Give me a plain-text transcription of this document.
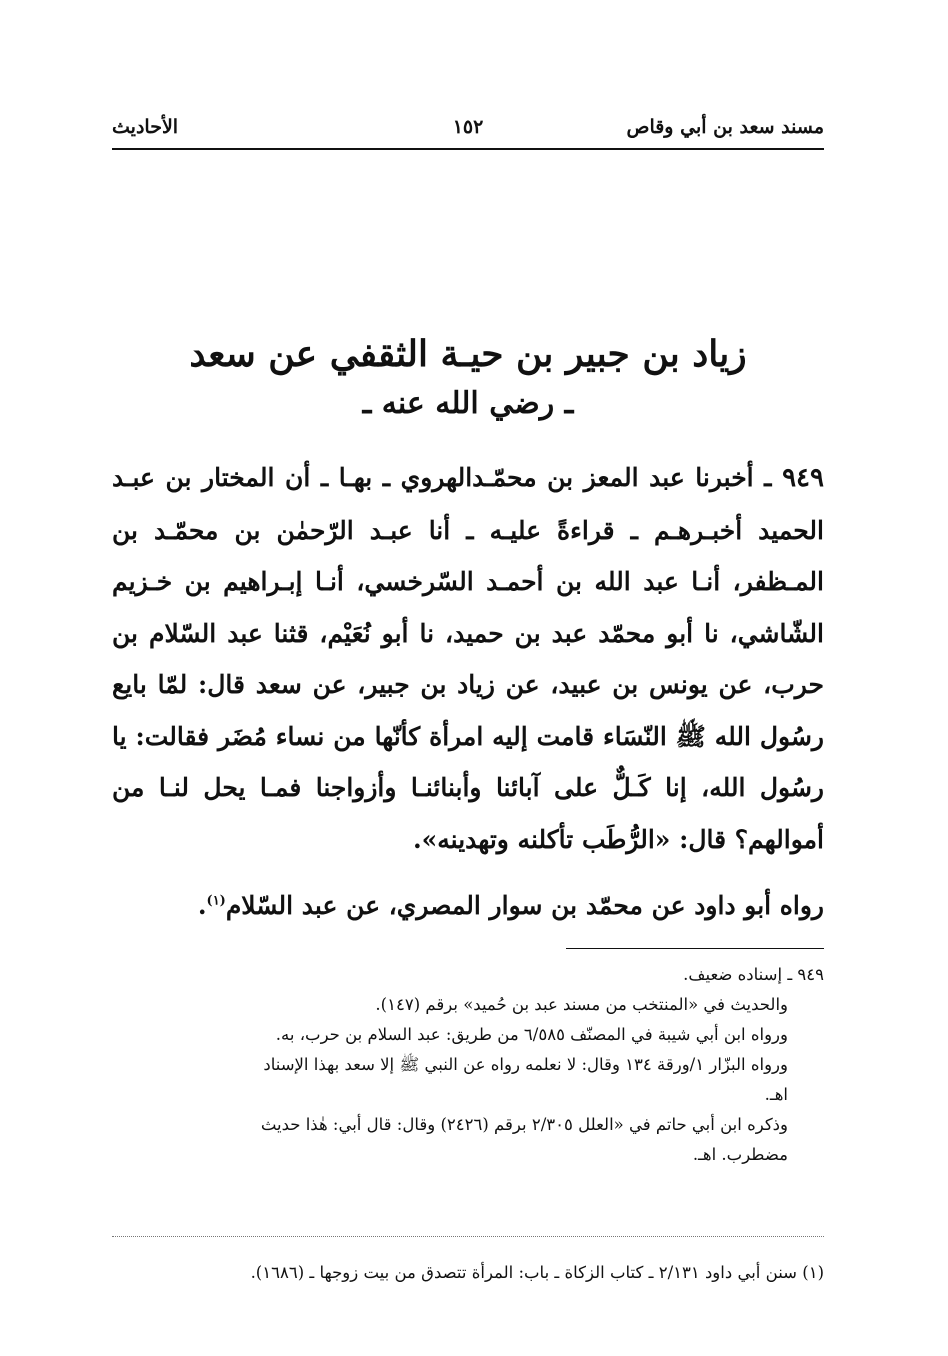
مسند سعد بن أبي وقاص
١٥٢
الأحاديث
زياد بن جبير بن حيـة الثقفي عن سعد
ـ رضي الله عنه ـ
٩٤٩ ـ أخبرنا عبد المعز بن محمّـدالهروي ـ بهـا ـ أن المختار بن عبـد الحميد أخبـرهـم ـ قراءةً عليـه ـ أنا عبـد الرّحمٰن بن محمّـد بن المـظفر، أنـا عبد الله بن أحمـد السّرخسي، أنـا إبـراهيم بن خـزيم الشّاشي، نا أبو محمّد عبد بن حميد، نا أبو نُعَيْم، قثنا عبد السّلام بن حرب، عن يونس بن عبيد، عن زياد بن جبير، عن سعد قال: لمّا بايع رسُول الله ﷺ النّسَاء قامت إليه امرأة كأنّها من نساء مُضَر فقالت: يا رسُول الله، إنا كَـلٌّ على آبائنا وأبنائنـا وأزواجنا فمـا يحل لنـا من أموالهم؟ قال: «الرُّطَب تأكلنه وتهدينه».
رواه أبو داود عن محمّد بن سوار المصري، عن عبد السّلام$^{(١)}$.
٩٤٩ ـ إسناده ضعيف.
والحديث في «المنتخب من مسند عبد بن حُميد» برقم (١٤٧).
ورواه ابن أبي شيبة في المصنّف ٦/٥٨٥ من طريق: عبد السلام بن حرب، به.
ورواه البزّار ١/ورقة ١٣٤ وقال: لا نعلمه رواه عن النبي ﷺ إلا سعد بهذا الإسناد
اهـ.
وذكره ابن أبي حاتم في «العلل ٢/٣٠٥ برقم (٢٤٢٦) وقال: قال أبي: هٰذا حديث
مضطرب. اهـ.
(١) سنن أبي داود ٢/١٣١ ـ كتاب الزكاة ـ باب: المرأة تتصدق من بيت زوجها ـ (١٦٨٦).
